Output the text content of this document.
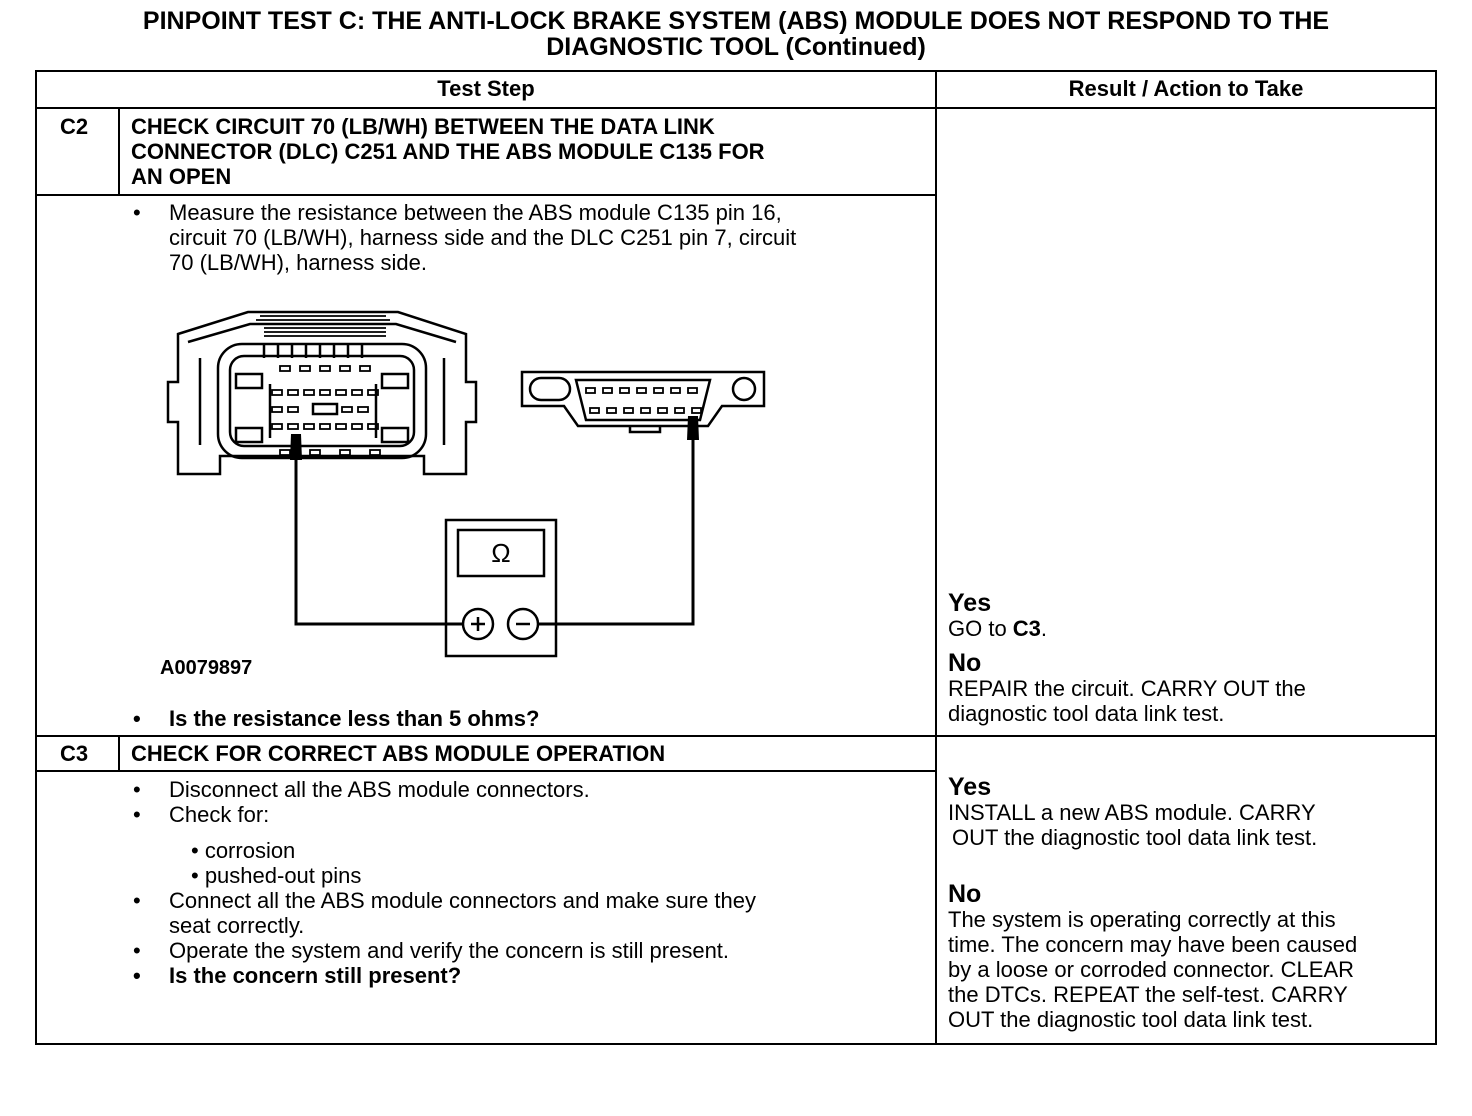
PINPOINT TEST C: THE ANTI-LOCK BRAKE SYSTEM (ABS) MODULE DOES NOT RESPOND TO THE
DIAGNOSTIC TOOL (Continued)
Test Step	Result / Action to Take
C2 CHECK CIRCUIT 70 (LB/WH) BETWEEN THE DATA LINK
CONNECTOR (DLC) C251 AND THE ABS MODULE C135 FOR
AN OPEN
• Measure the resistance between the ABS module C135 pin 16,
circuit 70 (LB/WH), harness side and the DLC C251 pin 7, circuit
70 (LB/WH), harness side.
Ω
A0079897
• Is the resistance less than 5 ohms?
Yes
GO to C3.
No
REPAIR the circuit. CARRY OUT the
diagnostic tool data link test.
C3 CHECK FOR CORRECT ABS MODULE OPERATION
• Disconnect all the ABS module connectors.
• Check for:
• corrosion
• pushed-out pins
• Connect all the ABS module connectors and make sure they
seat correctly.
• Operate the system and verify the concern is still present.
• Is the concern still present?
Yes
INSTALL a new ABS module. CARRY
OUT the diagnostic tool data link test.
No
The system is operating correctly at this
time. The concern may have been caused
by a loose or corroded connector. CLEAR
the DTCs. REPEAT the self-test. CARRY
OUT the diagnostic tool data link test.
